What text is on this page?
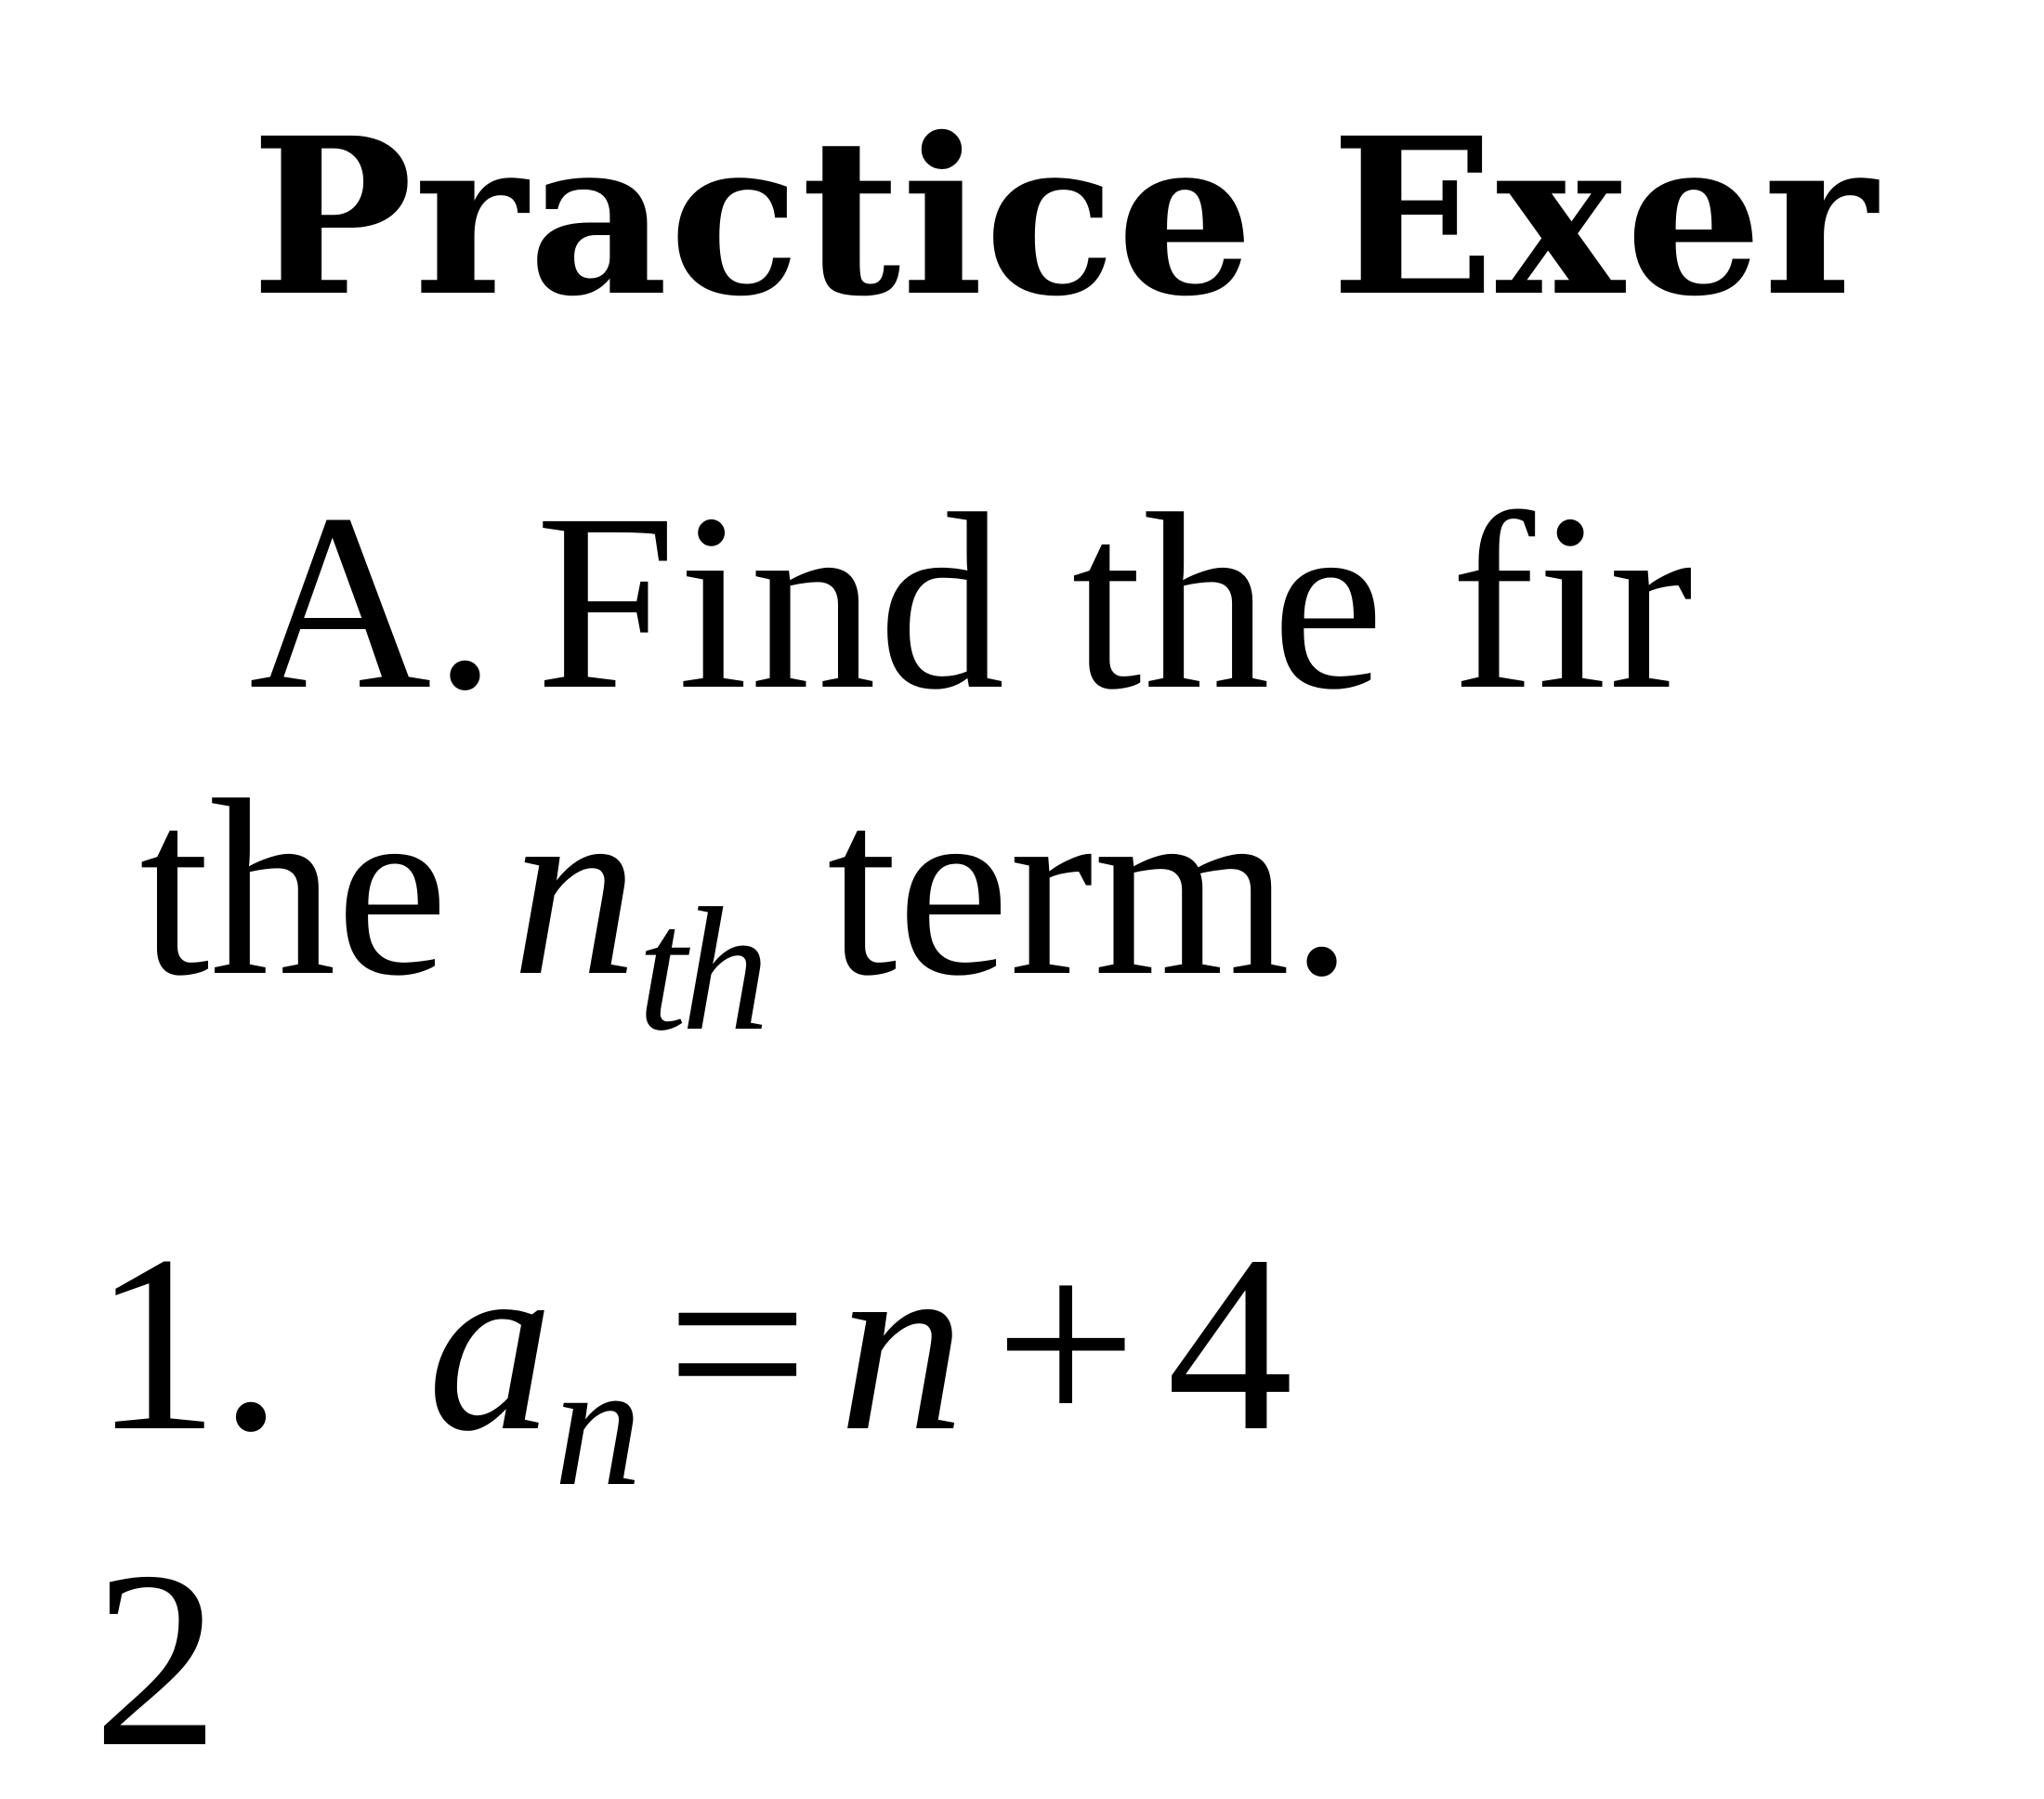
Practice Exer
A. Find the fir
the $n_{th}$ term.
1. $a_n = n + 4$
2
